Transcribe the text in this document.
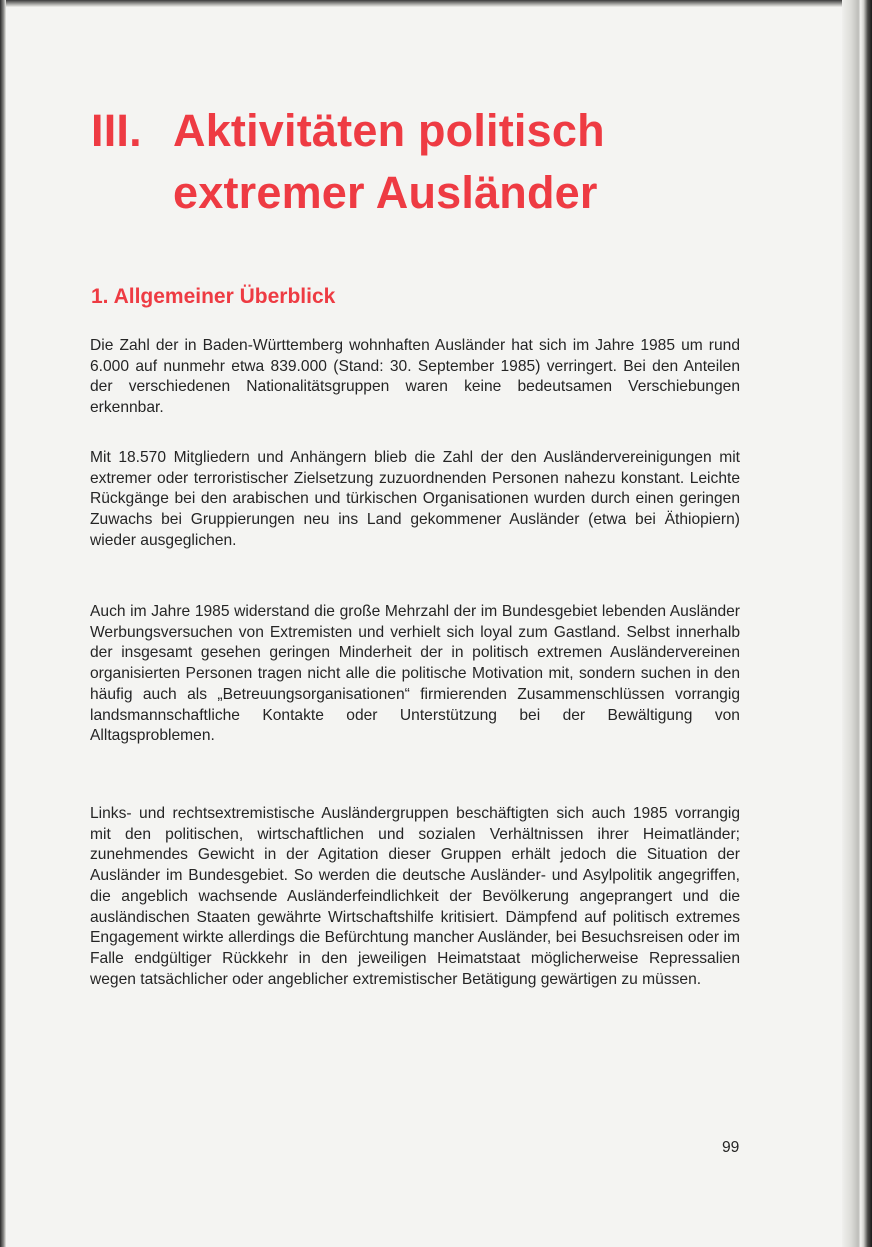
III. Aktivitäten politisch
extremer Ausländer
1. Allgemeiner Überblick

Die Zahl der in Baden-Württemberg wohnhaften Ausländer hat sich im Jahre 1985 um rund 6.000 auf nunmehr etwa 839.000 (Stand: 30. September 1985) verringert. Bei den Anteilen der verschiedenen Nationalitätsgruppen waren keine bedeutsamen Verschiebungen erkennbar.

Mit 18.570 Mitgliedern und Anhängern blieb die Zahl der den Ausländervereinigungen mit extremer oder terroristischer Zielsetzung zuzuordnenden Personen nahezu konstant. Leichte Rückgänge bei den arabischen und türkischen Organisationen wurden durch einen geringen Zuwachs bei Gruppierungen neu ins Land gekommener Ausländer (etwa bei Äthiopiern) wieder ausgeglichen.

Auch im Jahre 1985 widerstand die große Mehrzahl der im Bundesgebiet lebenden Ausländer Werbungsversuchen von Extremisten und verhielt sich loyal zum Gastland. Selbst innerhalb der insgesamt gesehen geringen Minderheit der in politisch extremen Ausländervereinen organisierten Personen tragen nicht alle die politische Motivation mit, sondern suchen in den häufig auch als „Betreuungsorganisationen“ firmierenden Zusammenschlüssen vorrangig landsmannschaftliche Kontakte oder Unterstützung bei der Bewältigung von Alltagsproblemen.

Links- und rechtsextremistische Ausländergruppen beschäftigten sich auch 1985 vorrangig mit den politischen, wirtschaftlichen und sozialen Verhältnissen ihrer Heimatländer; zunehmendes Gewicht in der Agitation dieser Gruppen erhält jedoch die Situation der Ausländer im Bundesgebiet. So werden die deutsche Ausländer- und Asylpolitik angegriffen, die angeblich wachsende Ausländerfeindlichkeit der Bevölkerung angeprangert und die ausländischen Staaten gewährte Wirtschaftshilfe kritisiert. Dämpfend auf politisch extremes Engagement wirkte allerdings die Befürchtung mancher Ausländer, bei Besuchsreisen oder im Falle endgültiger Rückkehr in den jeweiligen Heimatstaat möglicherweise Repressalien wegen tatsächlicher oder angeblicher extremistischer Betätigung gewärtigen zu müssen.

99
